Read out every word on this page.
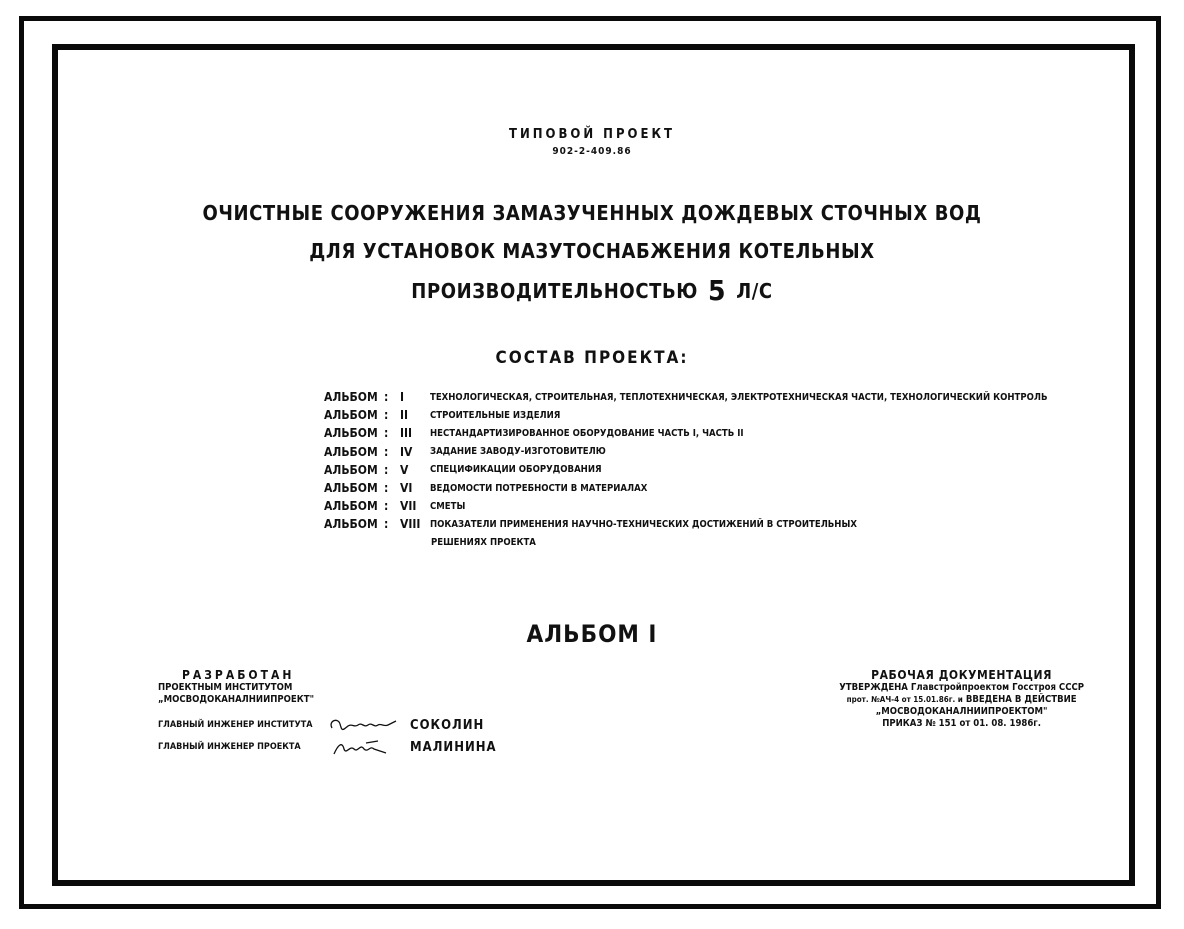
ТИПОВОЙ ПРОЕКТ
902-2-409.86
ОЧИСТНЫЕ СООРУЖЕНИЯ ЗАМАЗУЧЕННЫХ ДОЖДЕВЫХ СТОЧНЫХ ВОД
ДЛЯ УСТАНОВОК МАЗУТОСНАБЖЕНИЯ КОТЕЛЬНЫХ
ПРОИЗВОДИТЕЛЬНОСТЬЮ 5 Л/С
СОСТАВ ПРОЕКТА:
АЛЬБОМ : I	ТЕХНОЛОГИЧЕСКАЯ, СТРОИТЕЛЬНАЯ, ТЕПЛОТЕХНИЧЕСКАЯ, ЭЛЕКТРОТЕХНИЧЕСКАЯ ЧАСТИ, ТЕХНОЛОГИЧЕСКИЙ КОНТРОЛЬ
АЛЬБОМ : II	СТРОИТЕЛЬНЫЕ ИЗДЕЛИЯ
АЛЬБОМ : III	НЕСТАНДАРТИЗИРОВАННОЕ ОБОРУДОВАНИЕ ЧАСТЬ I, ЧАСТЬ II
АЛЬБОМ : IV	ЗАДАНИЕ ЗАВОДУ-ИЗГОТОВИТЕЛЮ
АЛЬБОМ : V	СПЕЦИФИКАЦИИ ОБОРУДОВАНИЯ
АЛЬБОМ : VI	ВЕДОМОСТИ ПОТРЕБНОСТИ В МАТЕРИАЛАХ
АЛЬБОМ : VII	СМЕТЫ
АЛЬБОМ : VIII	ПОКАЗАТЕЛИ ПРИМЕНЕНИЯ НАУЧНО-ТЕХНИЧЕСКИХ ДОСТИЖЕНИЙ В СТРОИТЕЛЬНЫХ
РЕШЕНИЯХ ПРОЕКТА
АЛЬБОМ I
РАЗРАБОТАН
ПРОЕКТНЫМ ИНСТИТУТОМ
„МОСВОДОКАНАЛНИИПРОЕКТ"
ГЛАВНЫЙ ИНЖЕНЕР ИНСТИТУТА	СОКОЛИН
ГЛАВНЫЙ ИНЖЕНЕР ПРОЕКТА	МАЛИНИНА
РАБОЧАЯ ДОКУМЕНТАЦИЯ
УТВЕРЖДЕНА Главстройпроектом Госстроя СССР
прот. №АЧ-4 от 15.01.86г. и ВВЕДЕНА В ДЕЙСТВИЕ
„МОСВОДОКАНАЛНИИПРОЕКТОМ"
ПРИКАЗ № 151 от 01. 08. 1986г.
